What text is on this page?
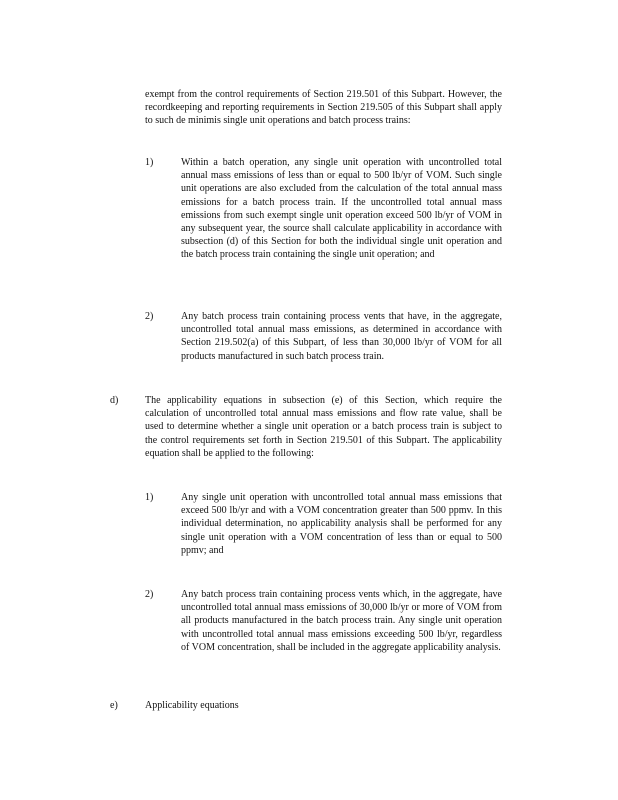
exempt from the control requirements of Section 219.501 of this Subpart. However, the recordkeeping and reporting requirements in Section 219.505 of this Subpart shall apply to such de minimis single unit operations and batch process trains:

1)	Within a batch operation, any single unit operation with uncontrolled total annual mass emissions of less than or equal to 500 lb/yr of VOM. Such single unit operations are also excluded from the calculation of the total annual mass emissions for a batch process train. If the uncontrolled total annual mass emissions from such exempt single unit operation exceed 500 lb/yr of VOM in any subsequent year, the source shall calculate applicability in accordance with subsection (d) of this Section for both the individual single unit operation and the batch process train containing the single unit operation; and

2)	Any batch process train containing process vents that have, in the aggregate, uncontrolled total annual mass emissions, as determined in accordance with Section 219.502(a) of this Subpart, of less than 30,000 lb/yr of VOM for all products manufactured in such batch process train.

d)	The applicability equations in subsection (e) of this Section, which require the calculation of uncontrolled total annual mass emissions and flow rate value, shall be used to determine whether a single unit operation or a batch process train is subject to the control requirements set forth in Section 219.501 of this Subpart. The applicability equation shall be applied to the following:

1)	Any single unit operation with uncontrolled total annual mass emissions that exceed 500 lb/yr and with a VOM concentration greater than 500 ppmv. In this individual determination, no applicability analysis shall be performed for any single unit operation with a VOM concentration of less than or equal to 500 ppmv; and

2)	Any batch process train containing process vents which, in the aggregate, have uncontrolled total annual mass emissions of 30,000 lb/yr or more of VOM from all products manufactured in the batch process train. Any single unit operation with uncontrolled total annual mass emissions exceeding 500 lb/yr, regardless of VOM concentration, shall be included in the aggregate applicability analysis.

e)	Applicability equations
